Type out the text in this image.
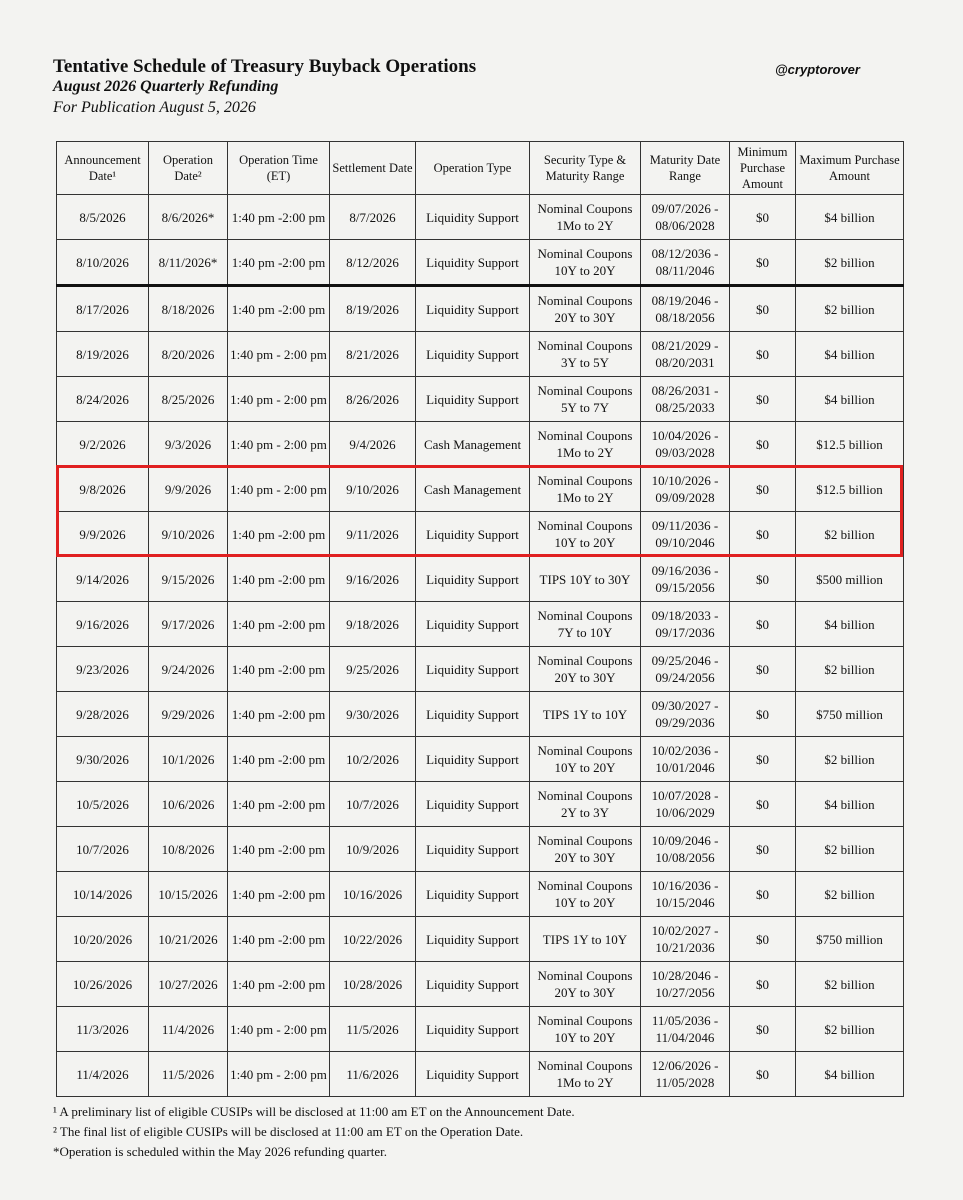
Tentative Schedule of Treasury Buyback Operations
August 2026 Quarterly Refunding
For Publication August 5, 2026
@cryptorover
Announcement Date¹	Operation Date²	Operation Time (ET)	Settlement Date	Operation Type	Security Type & Maturity Range	Maturity Date Range	Minimum Purchase Amount	Maximum Purchase Amount
8/5/2026	8/6/2026*	1:40 pm -2:00 pm	8/7/2026	Liquidity Support	Nominal Coupons 1Mo to 2Y	09/07/2026 - 08/06/2028	$0	$4 billion
8/10/2026	8/11/2026*	1:40 pm -2:00 pm	8/12/2026	Liquidity Support	Nominal Coupons 10Y to 20Y	08/12/2036 - 08/11/2046	$0	$2 billion
8/17/2026	8/18/2026	1:40 pm -2:00 pm	8/19/2026	Liquidity Support	Nominal Coupons 20Y to 30Y	08/19/2046 - 08/18/2056	$0	$2 billion
8/19/2026	8/20/2026	1:40 pm - 2:00 pm	8/21/2026	Liquidity Support	Nominal Coupons 3Y to 5Y	08/21/2029 - 08/20/2031	$0	$4 billion
8/24/2026	8/25/2026	1:40 pm - 2:00 pm	8/26/2026	Liquidity Support	Nominal Coupons 5Y to 7Y	08/26/2031 - 08/25/2033	$0	$4 billion
9/2/2026	9/3/2026	1:40 pm - 2:00 pm	9/4/2026	Cash Management	Nominal Coupons 1Mo to 2Y	10/04/2026 - 09/03/2028	$0	$12.5 billion
9/8/2026	9/9/2026	1:40 pm - 2:00 pm	9/10/2026	Cash Management	Nominal Coupons 1Mo to 2Y	10/10/2026 - 09/09/2028	$0	$12.5 billion
9/9/2026	9/10/2026	1:40 pm -2:00 pm	9/11/2026	Liquidity Support	Nominal Coupons 10Y to 20Y	09/11/2036 - 09/10/2046	$0	$2 billion
9/14/2026	9/15/2026	1:40 pm -2:00 pm	9/16/2026	Liquidity Support	TIPS 10Y to 30Y	09/16/2036 - 09/15/2056	$0	$500 million
9/16/2026	9/17/2026	1:40 pm -2:00 pm	9/18/2026	Liquidity Support	Nominal Coupons 7Y to 10Y	09/18/2033 - 09/17/2036	$0	$4 billion
9/23/2026	9/24/2026	1:40 pm -2:00 pm	9/25/2026	Liquidity Support	Nominal Coupons 20Y to 30Y	09/25/2046 - 09/24/2056	$0	$2 billion
9/28/2026	9/29/2026	1:40 pm -2:00 pm	9/30/2026	Liquidity Support	TIPS 1Y to 10Y	09/30/2027 - 09/29/2036	$0	$750 million
9/30/2026	10/1/2026	1:40 pm -2:00 pm	10/2/2026	Liquidity Support	Nominal Coupons 10Y to 20Y	10/02/2036 - 10/01/2046	$0	$2 billion
10/5/2026	10/6/2026	1:40 pm -2:00 pm	10/7/2026	Liquidity Support	Nominal Coupons 2Y to 3Y	10/07/2028 - 10/06/2029	$0	$4 billion
10/7/2026	10/8/2026	1:40 pm -2:00 pm	10/9/2026	Liquidity Support	Nominal Coupons 20Y to 30Y	10/09/2046 - 10/08/2056	$0	$2 billion
10/14/2026	10/15/2026	1:40 pm -2:00 pm	10/16/2026	Liquidity Support	Nominal Coupons 10Y to 20Y	10/16/2036 - 10/15/2046	$0	$2 billion
10/20/2026	10/21/2026	1:40 pm -2:00 pm	10/22/2026	Liquidity Support	TIPS 1Y to 10Y	10/02/2027 - 10/21/2036	$0	$750 million
10/26/2026	10/27/2026	1:40 pm -2:00 pm	10/28/2026	Liquidity Support	Nominal Coupons 20Y to 30Y	10/28/2046 - 10/27/2056	$0	$2 billion
11/3/2026	11/4/2026	1:40 pm - 2:00 pm	11/5/2026	Liquidity Support	Nominal Coupons 10Y to 20Y	11/05/2036 - 11/04/2046	$0	$2 billion
11/4/2026	11/5/2026	1:40 pm - 2:00 pm	11/6/2026	Liquidity Support	Nominal Coupons 1Mo to 2Y	12/06/2026 - 11/05/2028	$0	$4 billion
¹ A preliminary list of eligible CUSIPs will be disclosed at 11:00 am ET on the Announcement Date.
² The final list of eligible CUSIPs will be disclosed at 11:00 am ET on the Operation Date.
*Operation is scheduled within the May 2026 refunding quarter.
